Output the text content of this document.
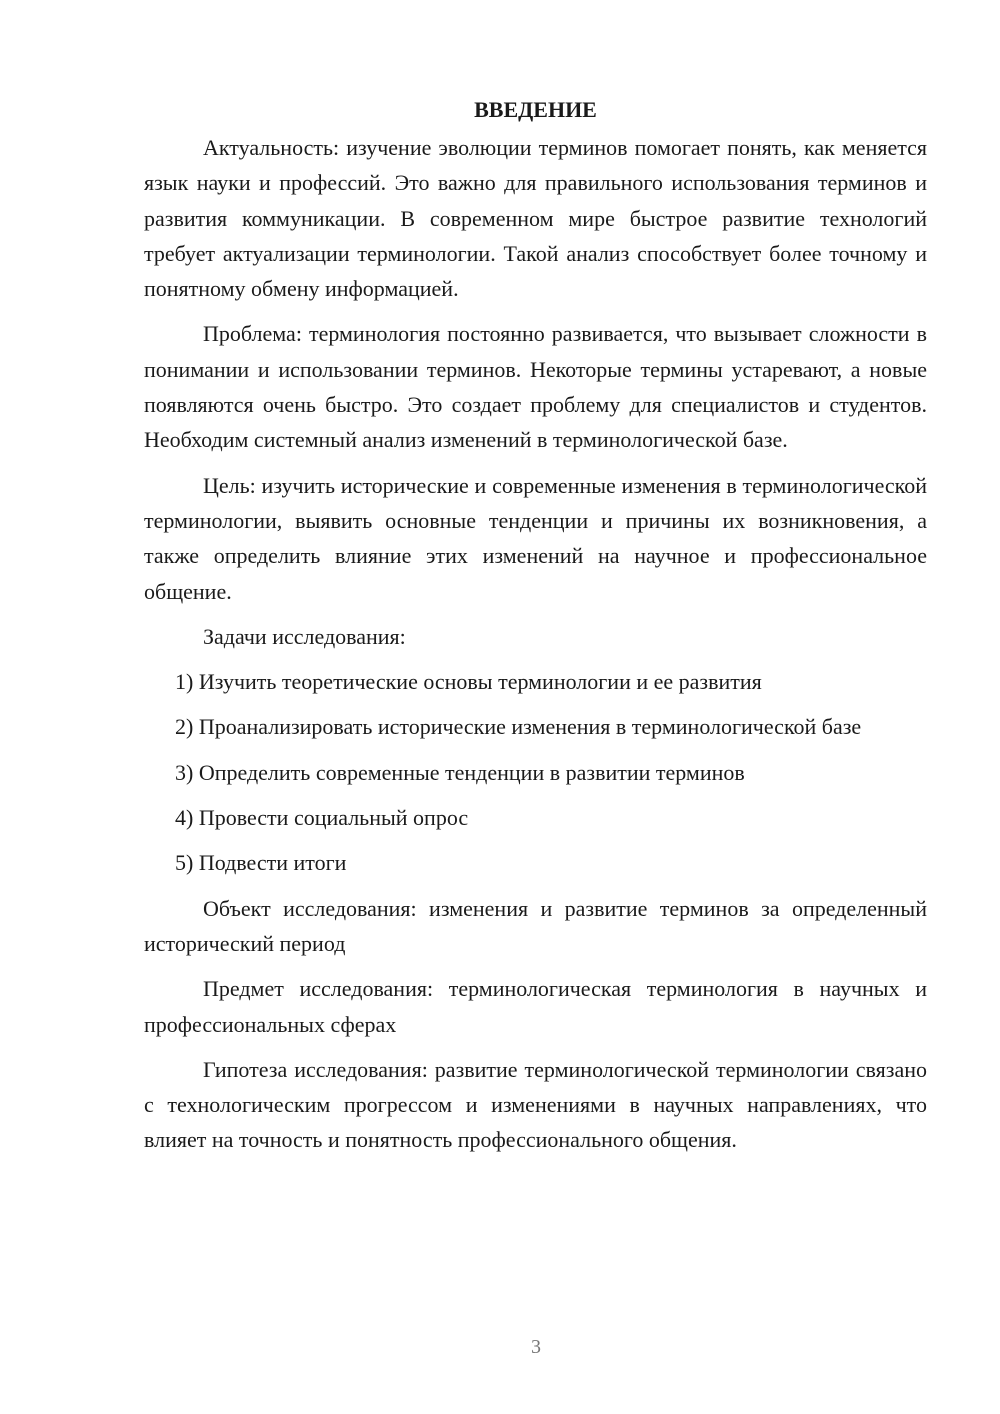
ВВЕДЕНИЕ

Актуальность: изучение эволюции терминов помогает понять, как меняется язык науки и профессий. Это важно для правильного использования терминов и развития коммуникации. В современном мире быстрое развитие технологий требует актуализации терминологии. Такой анализ способствует более точному и понятному обмену информацией.

Проблема: терминология постоянно развивается, что вызывает сложности в понимании и использовании терминов. Некоторые термины устаревают, а новые появляются очень быстро. Это создает проблему для специалистов и студентов. Необходим системный анализ изменений в терминологической базе.

Цель: изучить исторические и современные изменения в терминологической терминологии, выявить основные тенденции и причины их возникновения, а также определить влияние этих изменений на научное и профессиональное общение.

Задачи исследования:

1) Изучить теоретические основы терминологии и ее развития

2) Проанализировать исторические изменения в терминологической базе

3) Определить современные тенденции в развитии терминов

4) Провести социальный опрос

5) Подвести итоги

Объект исследования: изменения и развитие терминов за определенный исторический период

Предмет исследования: терминологическая терминология в научных и профессиональных сферах

Гипотеза исследования: развитие терминологической терминологии связано с технологическим прогрессом и изменениями в научных направлениях, что влияет на точность и понятность профессионального общения.

3
